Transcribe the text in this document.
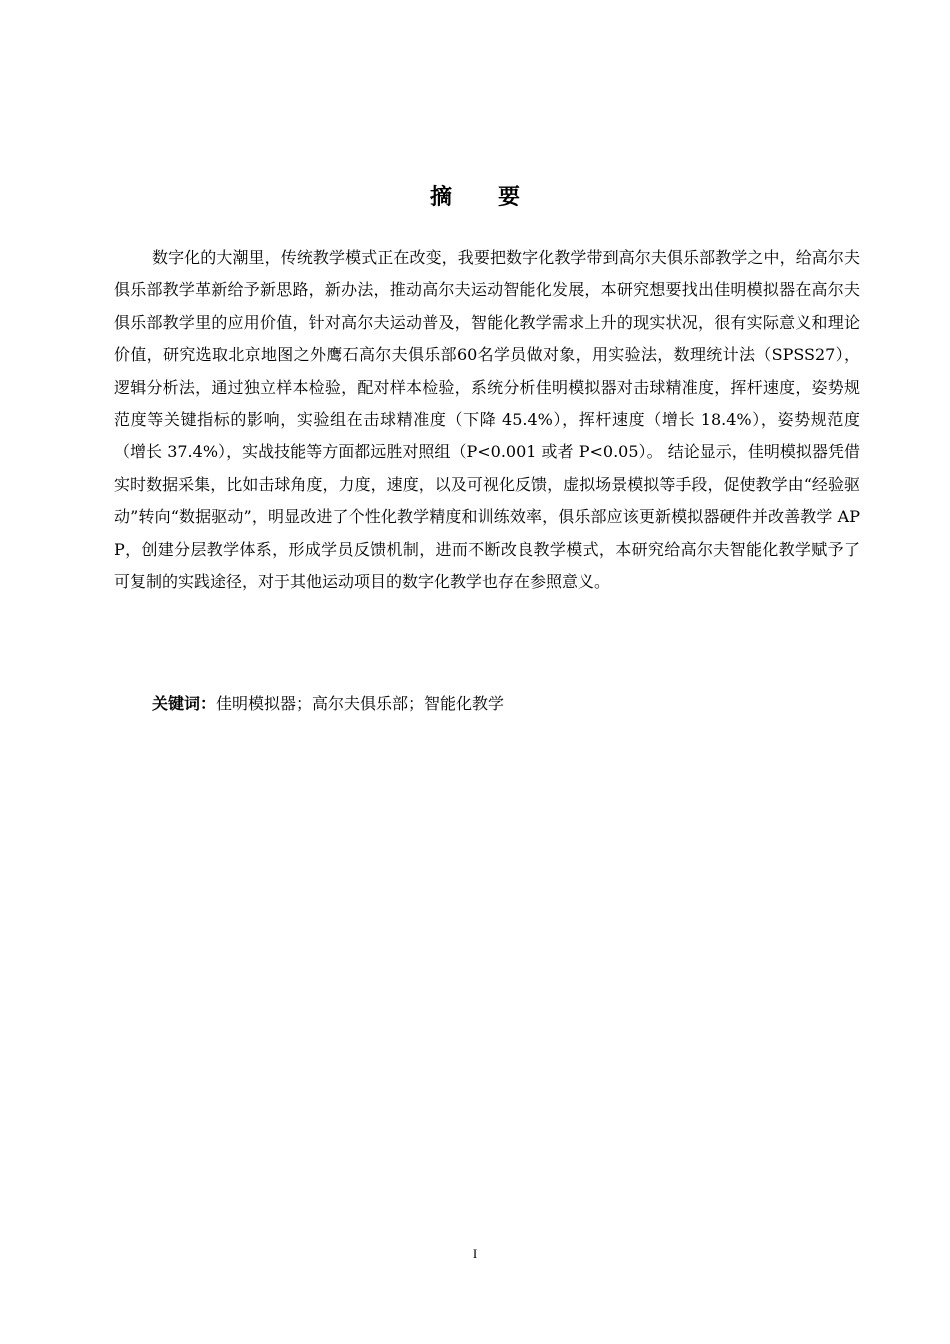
摘 要

数字化的大潮里，传统教学模式正在改变，我要把数字化教学带到高尔夫俱乐部教学之中，给高尔夫俱乐部教学革新给予新思路，新办法，推动高尔夫运动智能化发展，本研究想要找出佳明模拟器在高尔夫俱乐部教学里的应用价值，针对高尔夫运动普及，智能化教学需求上升的现实状况，很有实际意义和理论价值，研究选取北京地图之外鹰石高尔夫俱乐部60名学员做对象，用实验法，数理统计法（SPSS27），逻辑分析法，通过独立样本检验，配对样本检验，系统分析佳明模拟器对击球精准度，挥杆速度，姿势规范度等关键指标的影响，实验组在击球精准度（下降 45.4%），挥杆速度（增长 18.4%），姿势规范度（增长 37.4%），实战技能等方面都远胜对照组（P<0.001 或者 P<0.05）。 结论显示，佳明模拟器凭借实时数据采集，比如击球角度，力度，速度，以及可视化反馈，虚拟场景模拟等手段，促使教学由“经验驱动”转向“数据驱动”，明显改进了个性化教学精度和训练效率，俱乐部应该更新模拟器硬件并改善教学 APP，创建分层教学体系，形成学员反馈机制，进而不断改良教学模式，本研究给高尔夫智能化教学赋予了可复制的实践途径，对于其他运动项目的数字化教学也存在参照意义。

关键词：佳明模拟器；高尔夫俱乐部；智能化教学
I
